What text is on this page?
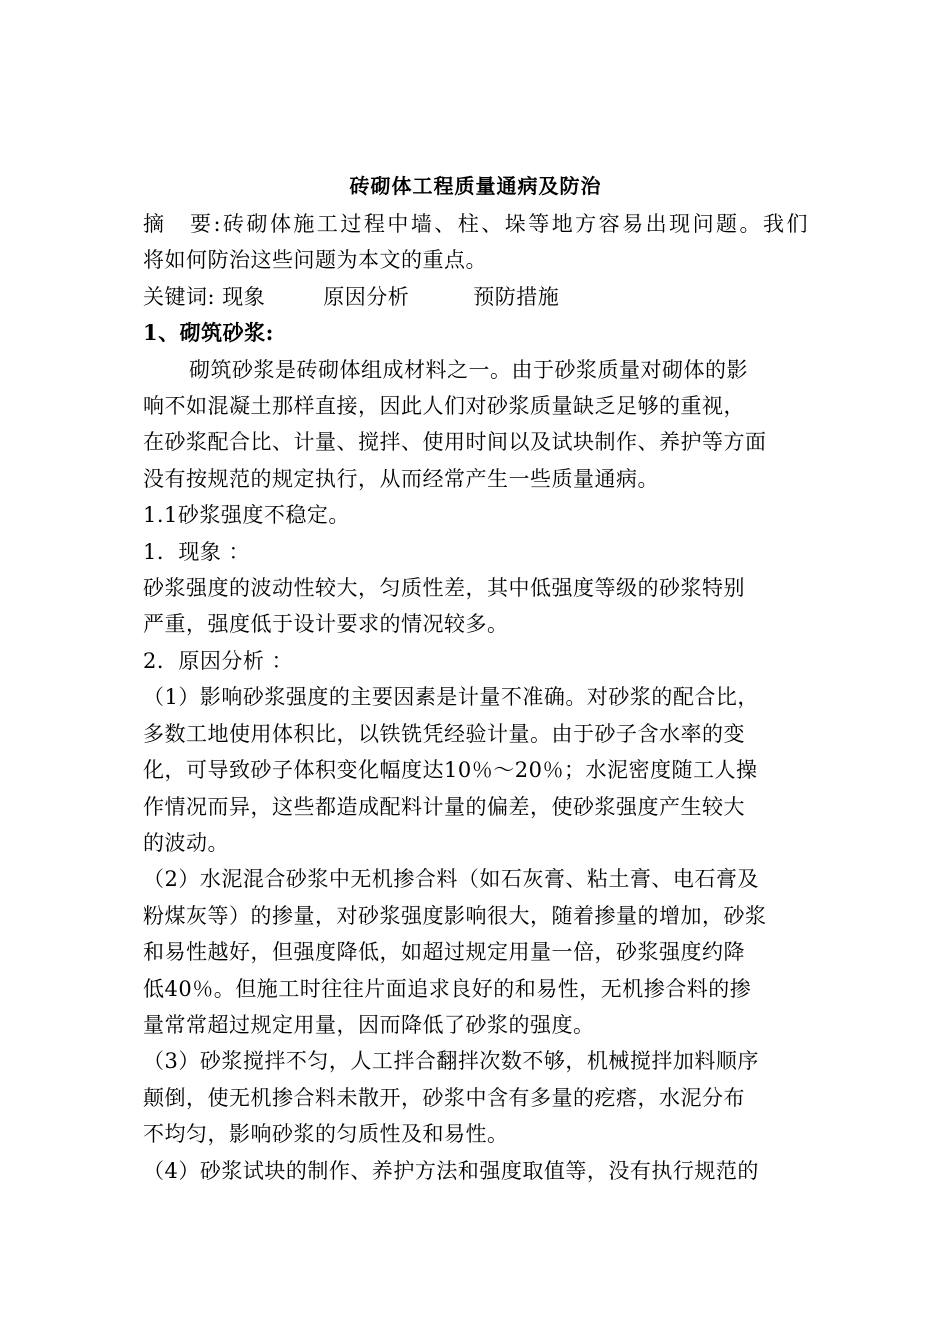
砖砌体工程质量通病及防治

摘　要:砖砌体施工过程中墙、柱、垛等地方容易出现问题。我们

将如何防治这些问题为本文的重点。

关键词: 现象	原因分析	预防措施

1、砌筑砂浆:

砌筑砂浆是砖砌体组成材料之一。由于砂浆质量对砌体的影

响不如混凝土那样直接，因此人们对砂浆质量缺乏足够的重视，

在砂浆配合比、计量、搅拌、使用时间以及试块制作、养护等方面

没有按规范的规定执行，从而经常产生一些质量通病。

1.1砂浆强度不稳定。

1．现象 ：

砂浆强度的波动性较大，匀质性差，其中低强度等级的砂浆特别

严重，强度低于设计要求的情况较多。

2．原因分析 ：

（1）影响砂浆强度的主要因素是计量不准确。对砂浆的配合比，

多数工地使用体积比，以铁铣凭经验计量。由于砂子含水率的变

化，可导致砂子体积变化幅度达10％～20％；水泥密度随工人操

作情况而异，这些都造成配料计量的偏差，使砂浆强度产生较大

的波动。

（2）水泥混合砂浆中无机掺合料（如石灰膏、粘土膏、电石膏及

粉煤灰等）的掺量，对砂浆强度影响很大，随着掺量的增加，砂浆

和易性越好，但强度降低，如超过规定用量一倍，砂浆强度约降

低40％。但施工时往往片面追求良好的和易性，无机掺合料的掺

量常常超过规定用量，因而降低了砂浆的强度。

（3）砂浆搅拌不匀，人工拌合翻拌次数不够，机械搅拌加料顺序

颠倒，使无机掺合料未散开，砂浆中含有多量的疙瘩，水泥分布

不均匀，影响砂浆的匀质性及和易性。

（4）砂浆试块的制作、养护方法和强度取值等，没有执行规范的
